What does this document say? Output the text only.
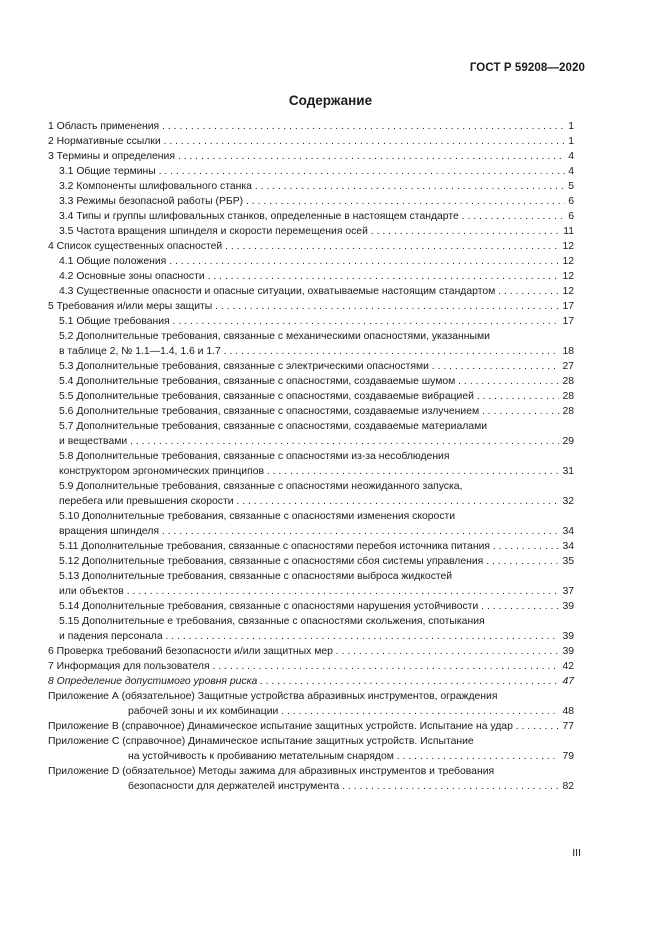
ГОСТ Р 59208—2020
Содержание
1 Область применения . . .	1
2 Нормативные ссылки . . .	1
3 Термины и определения . . .	4
3.1 Общие термины . . .	4
3.2 Компоненты шлифовального станка . . .	5
3.3 Режимы безопасной работы (РБР) . . .	6
3.4 Типы и группы шлифовальных станков, определенные в настоящем стандарте . . .	6
3.5 Частота вращения шпинделя и скорости перемещения осей . . .	11
4 Список существенных опасностей . . .	12
4.1 Общие положения . . .	12
4.2 Основные зоны опасности . . .	12
4.3 Существенные опасности и опасные ситуации, охватываемые настоящим стандартом . . .	12
5 Требования и/или меры защиты . . .	17
5.1 Общие требования . . .	17
5.2 Дополнительные требования, связанные с механическими опасностями, указанными
в таблице 2, № 1.1—1.4, 1.6 и 1.7 . . .	18
5.3 Дополнительные требования, связанные с электрическими опасностями . . .	27
5.4 Дополнительные требования, связанные с опасностями, создаваемые шумом . . .	28
5.5 Дополнительные требования, связанные с опасностями, создаваемые вибрацией . . .	28
5.6 Дополнительные требования, связанные с опасностями, создаваемые излучением . . .	28
5.7 Дополнительные требования, связанные с опасностями, создаваемые материалами
и веществами . . .	29
5.8 Дополнительные требования, связанные с опасностями из-за несоблюдения
конструктором эргономических принципов . . .	31
5.9 Дополнительные требования, связанные с опасностями неожиданного запуска,
перебега или превышения скорости . . .	32
5.10 Дополнительные требования, связанные с опасностями изменения скорости
вращения шпинделя . . .	34
5.11 Дополнительные требования, связанные с опасностями перебоя источника питания . . .	34
5.12 Дополнительные требования, связанные с опасностями сбоя системы управления . . .	35
5.13 Дополнительные требования, связанные с опасностями выброса жидкостей
или объектов . . .	37
5.14 Дополнительные требования, связанные с опасностями нарушения устойчивости . . .	39
5.15 Дополнительные е требования, связанные с опасностями скольжения, спотыкания
и падения персонала . . .	39
6 Проверка требований безопасности и/или защитных мер . . .	39
7 Информация для пользователя . . .	42
8 Определение допустимого уровня риска . . .	47
Приложение А (обязательное) Защитные устройства абразивных инструментов, ограждения
рабочей зоны и их комбинации . . .	48
Приложение В (справочное) Динамическое испытание защитных устройств. Испытание на удар . . .	77
Приложение С (справочное) Динамическое испытание защитных устройств. Испытание
на устойчивость к пробиванию метательным снарядом . . .	79
Приложение D (обязательное) Методы зажима для абразивных инструментов и требования
безопасности для держателей инструмента . . .	82
III
